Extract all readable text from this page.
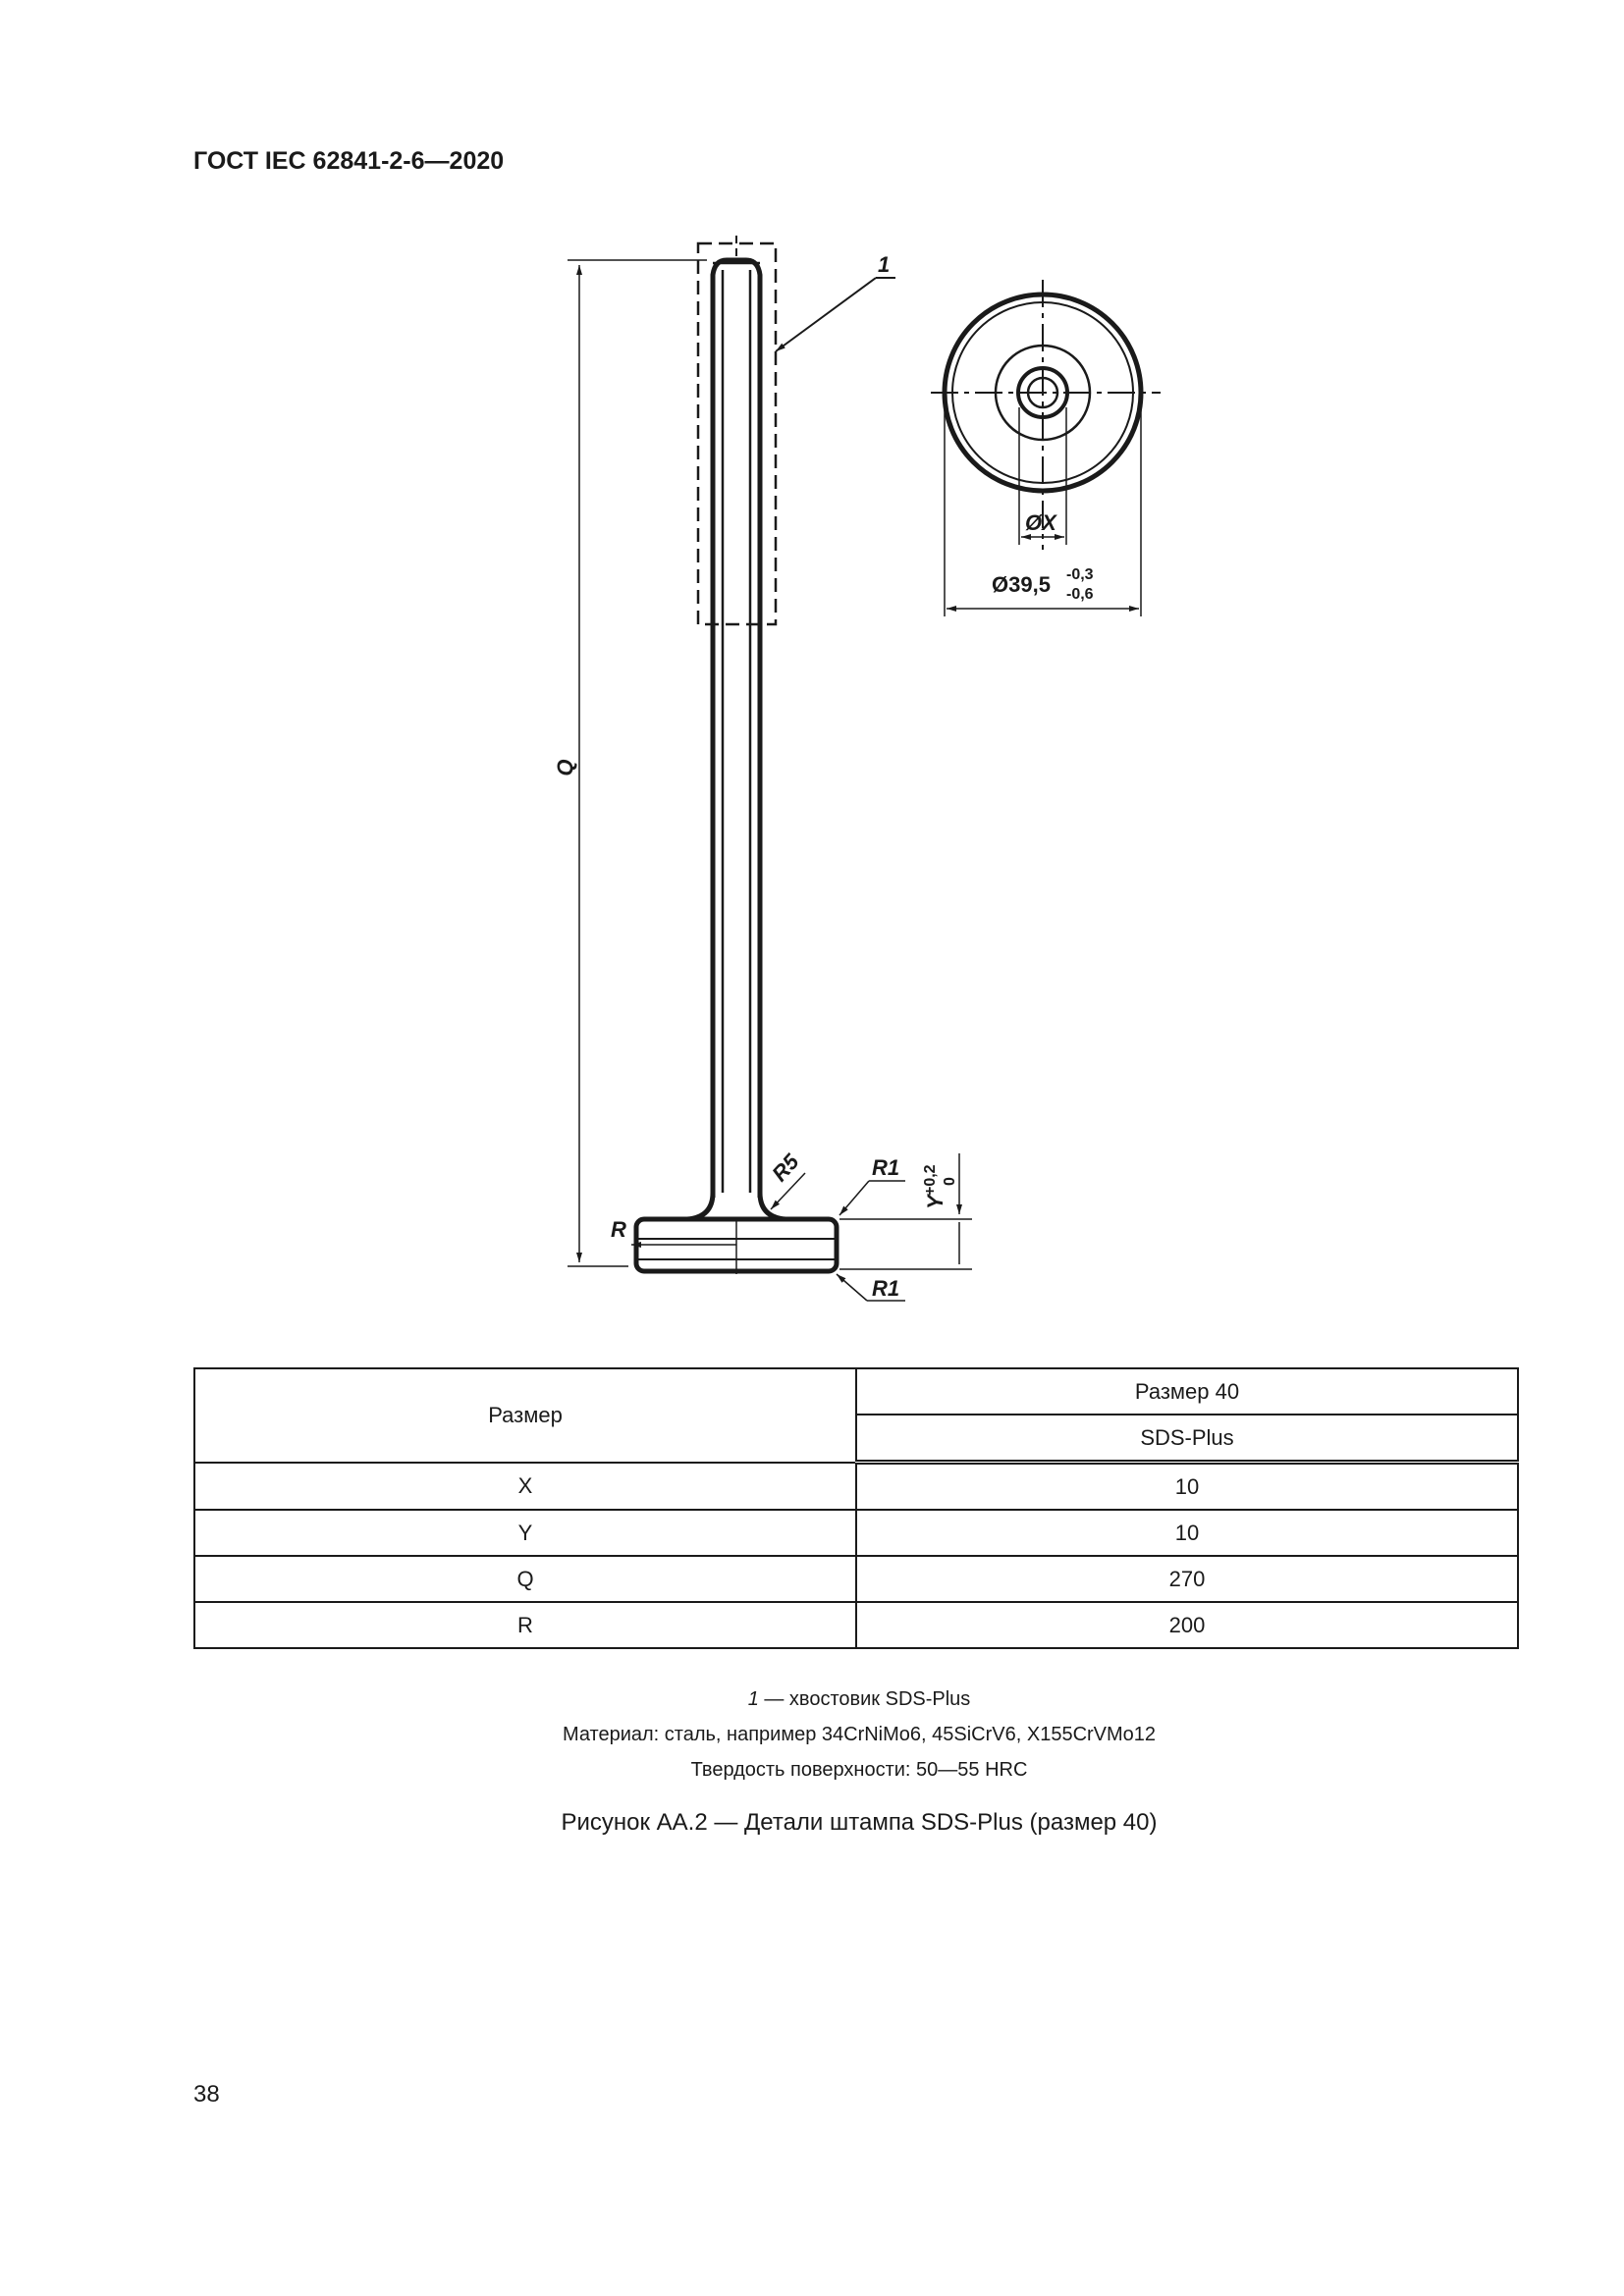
ГОСТ IEC 62841-2-6—2020
1
Q
R
R5	R1
R1
Y
+0,2 0
ØX
Ø39,5 -0,3
-0,6
Размер	Размер 40
	SDS-Plus
X	10
Y	10
Q	270
R	200
1 — хвостовик SDS-Plus
Материал: сталь, например 34CrNiMo6, 45SiCrV6, X155CrVMo12
Твердость поверхности: 50—55 HRC
Рисунок АА.2 — Детали штампа SDS-Plus (размер 40)
38
